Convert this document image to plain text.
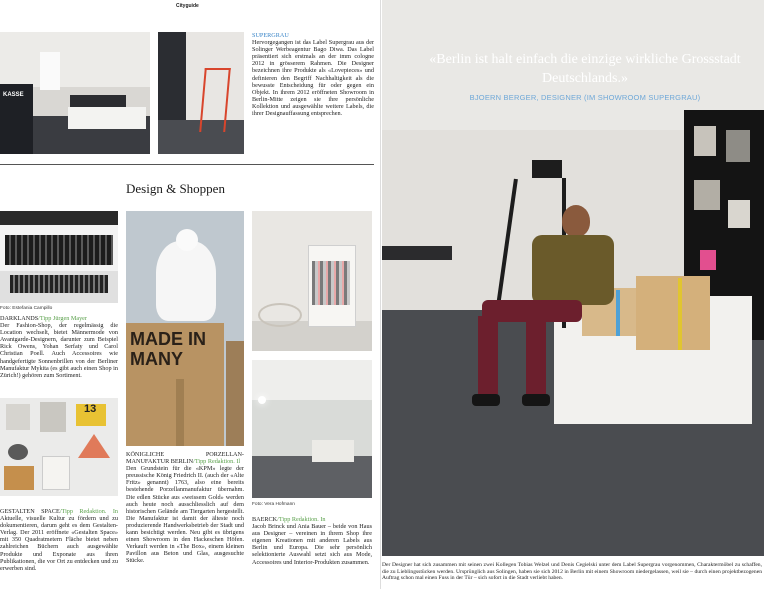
Cityguide
KASSE
SUPERGRAU
Hervorgegangen ist das Label Supergrau aus der Solinger Werbeagentur Bago Diwa. Das Label präsentiert sich erstmals an der imm cologne 2012 in grösserem Rahmen. Die Designer bezeichnen ihre Produkte als «Lovepieces» und definieren den Begriff Nachhaltigkeit als die bewusste Entscheidung für oder gegen ein Objekt. In ihrem 2012 eröffneten Showroom in Berlin-Mitte zeigen sie ihre persönliche Kollektion und ausgewählte weitere Labels, die ihrer Designauffassung entsprechen.
Design & Shoppen
Foto: Estefania Campillo
DARKLANDS/Tipp Jürgen Mayer
Der Fashion-Shop, der regelmässig die Location wechselt, bietet Männermode von Avantgarde-Designern, darunter zum Beispiel Rick Owens, Yohan Serfaty und Carol Christian Poell. Auch Accessoires wie handgefertigte Sonnenbrillen von der Berliner Manufaktur Mykita (es gibt auch einen Shop in Zürich!) gehören zum Sortiment.
13
GESTALTEN SPACE/Tipp Redaktion. In Aktuelle, visuelle Kultur zu fördern und zu dokumentieren, darum geht es dem Gestalten-Verlag. Der 2011 eröffnete «Gestalten Space» mit 350 Quadratmetern Fläche bietet neben zahlreichen Büchern auch ausgewählte Produkte und Exponate aus ihren Publikationen, die vor Ort zu entdecken und zu erwerben sind.
MADE IN
MANY
KÖNIGLICHE PORZELLAN-MANUFAKTUR BERLIN/Tipp Redaktion. Il
Den Grundstein für die «KPM» legte der preussische König Friedrich II. (auch der «Alte Fritz» genannt) 1763, also eine bereits bestehende Porzellanmanufaktur übernahm. Die edlen Stücke aus «weissem Gold» werden auch heute noch ausschliesslich auf dem historischen Gelände am Tiergarten hergestellt. Die Manufaktur ist damit der älteste noch produzierende Handwerksbetrieb der Stadt und kann besichtigt werden. Neu gibt es übrigens einen Showroom in den Hackeschen Höfen. Verkauft werden in «The Box», einem kleinen Pavillon aus Beton und Glas, ausgesuchte Stücke.
Foto: Vera Hofmann
BAERCK/Tipp Redaktion. In
Jacob Brinck und Ania Bauer – beide von Haus aus Designer – vereinen in ihrem Shop ihre eigenen Kreationen mit anderen Labels aus Berlin und Europa. Die sehr persönlich selektionierte Auswahl setzt sich aus Mode, Accessoires und Interior-Produkten zusammen.
«Berlin ist halt einfach die einzige wirkliche Grossstadt Deutschlands.»
BJOERN BERGER, DESIGNER (IM SHOWROOM SUPERGRAU)
Der Designer hat sich zusammen mit seinen zwei Kollegen Tobias Welzel und Denis Cegielski unter dem Label Supergrau vorgenommen, Charaktermöbel zu schaffen, die zu Lieblingsstücken werden. Ursprünglich aus Solingen, haben sie sich 2012 in Berlin mit einem Showroom niedergelassen, weil sie – durch einen projektbezogenen Auftrag schon mal einen Fuss in der Tür – sich sofort in die Stadt verliebt haben.
